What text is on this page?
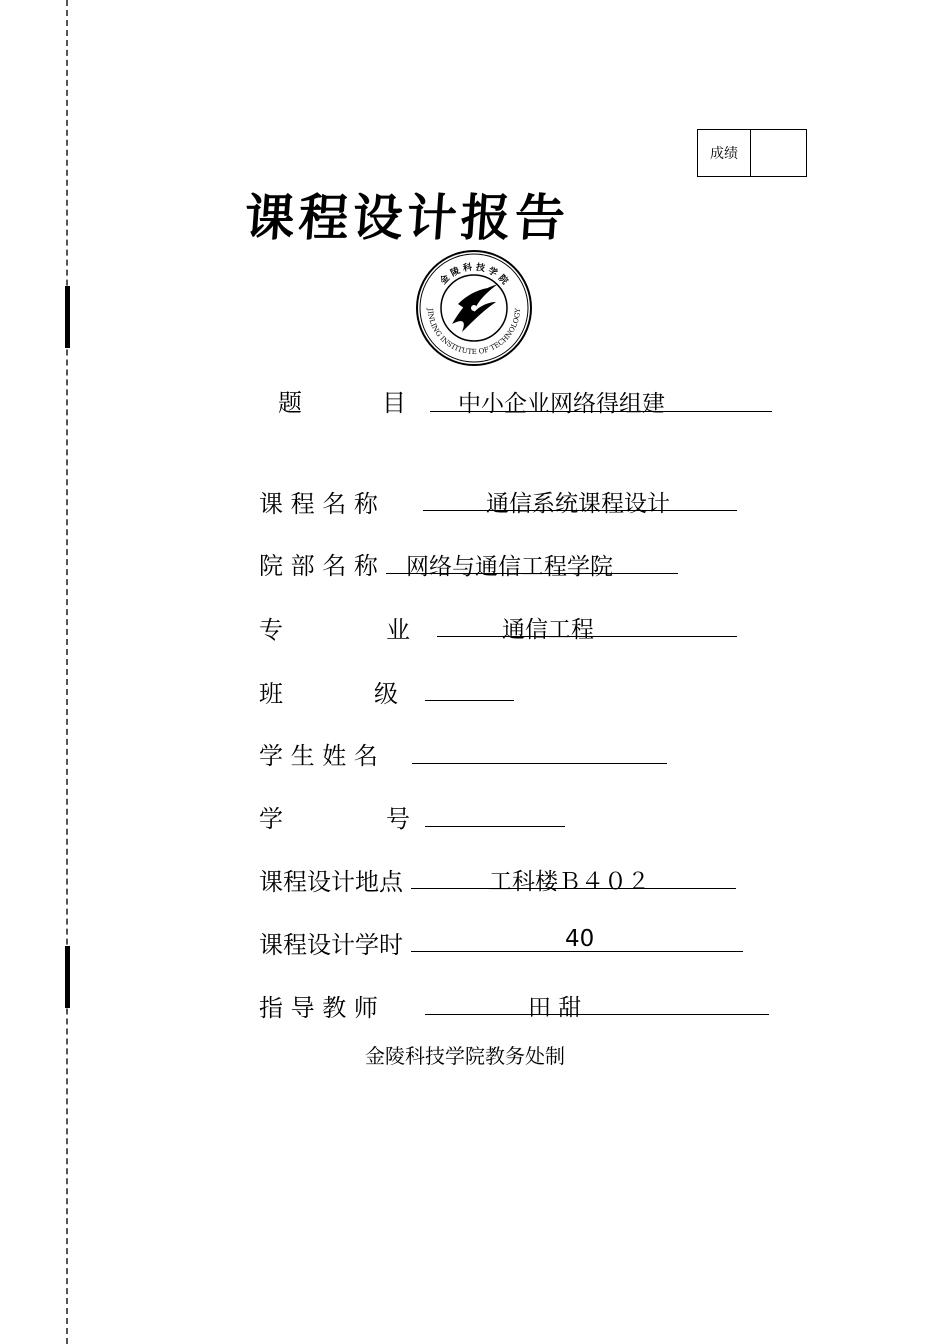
成绩
课程设计报告
金 陵 科 技 学 院
JINLING INSTITUTE OF TECHNOLOGY
题	目 中小企业网络得组建
课 程 名 称	通信系统课程设计
院 部 名 称 网络与通信工程学院
专	业	通信工程
班	级
学 生 姓 名
学	号
课程设计地点	工科楼Ｂ４０２
课程设计学时	40
指 导 教 师	田 甜
金陵科技学院教务处制
